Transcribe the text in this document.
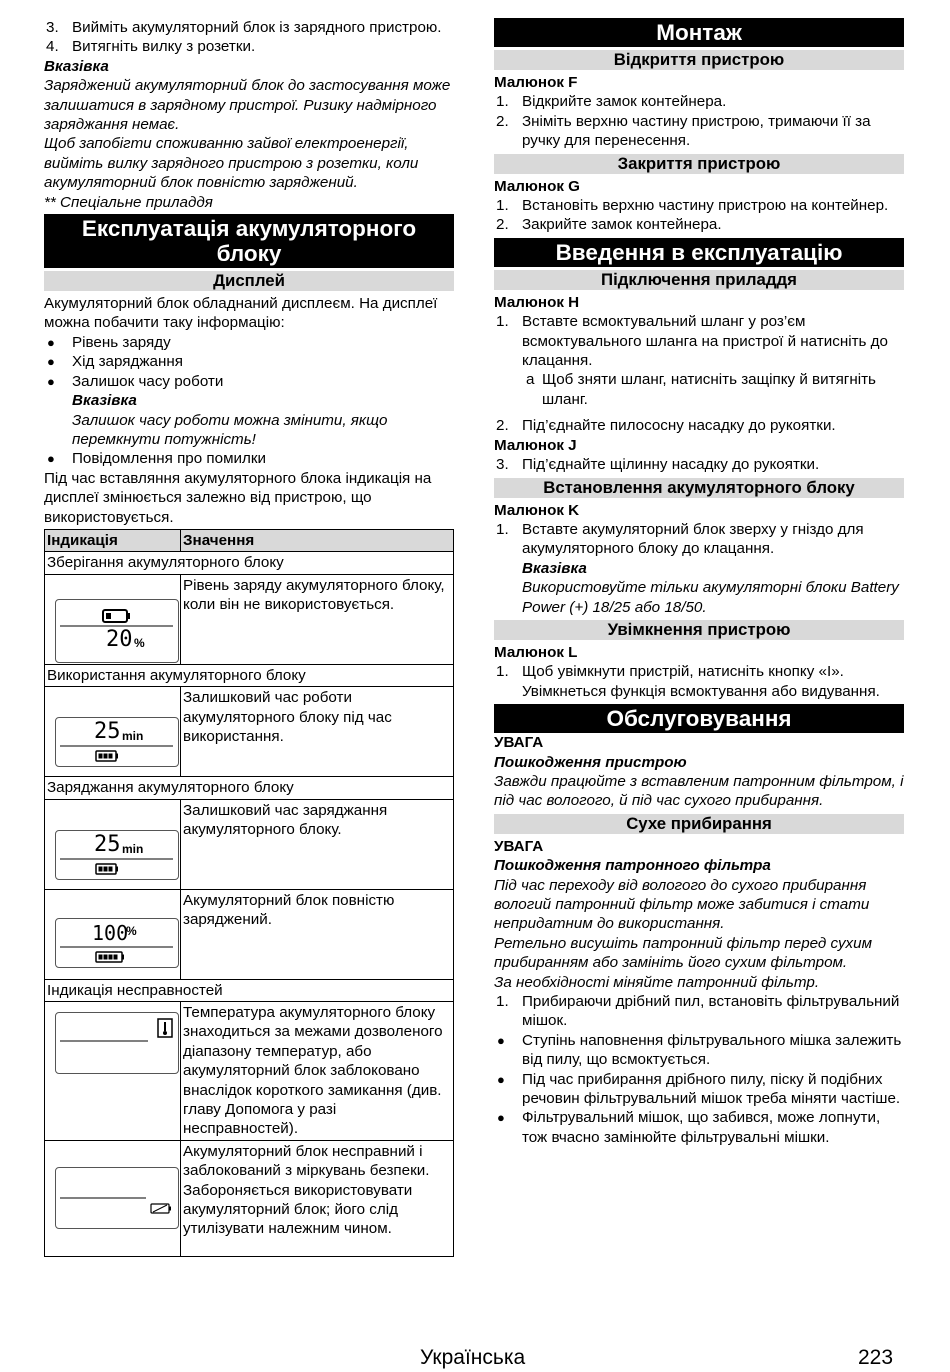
3. Вийміть акумуляторний блок із зарядного пристрою.
4. Витягніть вилку з розетки.
Вказівка
Заряджений акумуляторний блок до застосування може залишатися в зарядному пристрої. Ризику надмірного заряджання немає.
Щоб запобігти споживанню зайвої електроенергії, вийміть вилку зарядного пристрою з розетки, коли акумуляторний блок повністю заряджений.
** Спеціальне приладдя
Експлуатація акумуляторного блоку
Дисплей
Акумуляторний блок обладнаний дисплеєм. На дисплеї можна побачити таку інформацію:
●	Рівень заряду
●	Хід заряджання
●	Залишок часу роботи
Вказівка
Залишок часу роботи можна змінити, якщо перемкнути потужність!
●	Повідомлення про помилки
Під час вставляння акумуляторного блока індикація на дисплеї змінюється залежно від пристрою, що використовується.
Індикація	Значення
Зберігання акумуляторного блоку	

20 %	Рівень заряду акумуляторного блоку, коли він не використовується.
Використання акумуляторного блоку	

25 min	Залишковий час роботи акумуляторного блоку під час використання.
Заряджання акумуляторного блоку	

25 min	Залишковий час заряджання акумуляторного блоку.

100
%	Акумуляторний блок повністю заряджений.
Індикація несправностей	

	Температура акумуляторного блоку знаходиться за межами дозволеного діапазону температур, або акумуляторний блок заблоковано внаслідок короткого замикання (див. главу Допомога у разі несправностей).

	Акумуляторний блок несправний і заблокований з міркувань безпеки. Забороняється використовувати акумуляторний блок; його слід утилізувати належним чином.
Монтаж
Відкриття пристрою
Малюнок F
1. Відкрийте замок контейнера.
2. Зніміть верхню частину пристрою, тримаючи її за ручку для перенесення.
Закриття пристрою
Малюнок G
1. Встановіть верхню частину пристрою на контейнер.
2. Закрийте замок контейнера.
Введення в експлуатацію
Підключення приладдя
Малюнок H
1. Вставте всмоктувальний шланг у роз’єм всмоктувального шланга на пристрої й натисніть до клацання.
a Щоб зняти шланг, натисніть защіпку й витягніть шланг.
2. Під’єднайте пилососну насадку до рукоятки.
Малюнок J
3. Під’єднайте щілинну насадку до рукоятки.
Встановлення акумуляторного блоку
Малюнок K
1. Вставте акумуляторний блок зверху у гніздо для акумуляторного блоку до клацання.
Вказівка
Використовуйте тільки акумуляторні блоки Battery Power (+) 18/25 або 18/50.
Увімкнення пристрою
Малюнок L
1. Щоб увімкнути пристрій, натисніть кнопку «I». Увімкнеться функція всмоктування або видування.
Обслуговування
УВАГА
Пошкодження пристрою
Завжди працюйте з вставленим патронним фільтром, і під час вологого, й під час сухого прибирання.
Сухе прибирання
УВАГА
Пошкодження патронного фільтра
Під час переходу від вологого до сухого прибирання вологий патронний фільтр може забитися і стати непридатним до використання.
Ретельно висушіть патронний фільтр перед сухим прибиранням або замініть його сухим фільтром.
За необхідності міняйте патронний фільтр.
1. Прибираючи дрібний пил, встановіть фільтрувальний мішок.
●	Ступінь наповнення фільтрувального мішка залежить від пилу, що всмоктується.
●	Під час прибирання дрібного пилу, піску й подібних речовин фільтрувальний мішок треба міняти частіше.
●	Фільтрувальний мішок, що забився, може лопнути, тож вчасно замінюйте фільтрувальні мішки.
Українська	223
